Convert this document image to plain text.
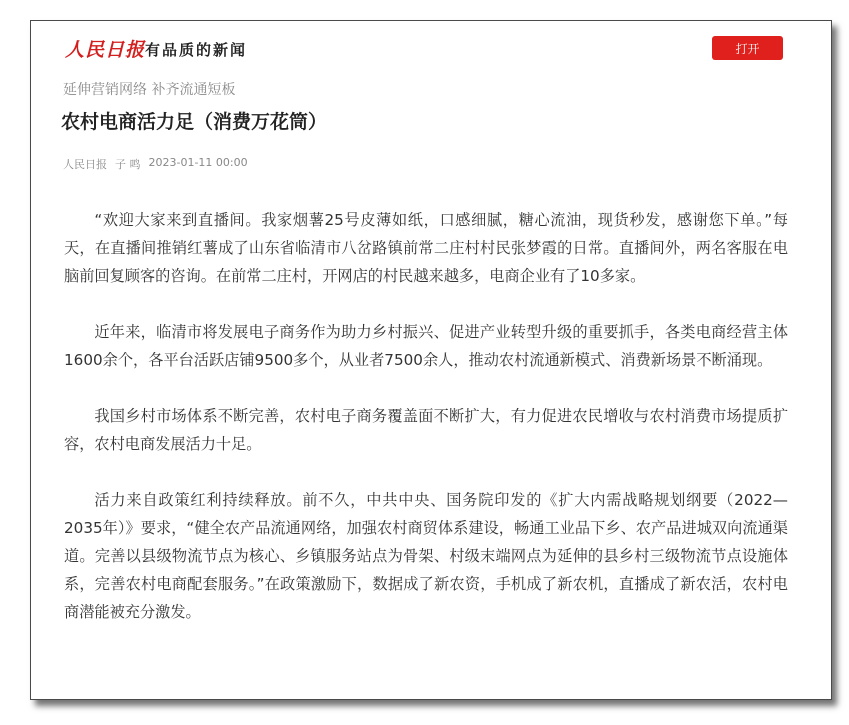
人民日报 有品质的新闻	打开
延伸营销网络 补齐流通短板
农村电商活力足（消费万花筒）
人民日报 子 鸣 2023-01-11 00:00

“欢迎大家来到直播间。我家烟薯25号皮薄如纸，口感细腻，糖心流油，现货秒发，感谢您下单。”每天，在直播间推销红薯成了山东省临清市八岔路镇前常二庄村村民张梦霞的日常。直播间外，两名客服在电脑前回复顾客的咨询。在前常二庄村，开网店的村民越来越多，电商企业有了10多家。

近年来，临清市将发展电子商务作为助力乡村振兴、促进产业转型升级的重要抓手，各类电商经营主体1600余个，各平台活跃店铺9500多个，从业者7500余人，推动农村流通新模式、消费新场景不断涌现。

我国乡村市场体系不断完善，农村电子商务覆盖面不断扩大，有力促进农民增收与农村消费市场提质扩容，农村电商发展活力十足。

活力来自政策红利持续释放。前不久，中共中央、国务院印发的《扩大内需战略规划纲要（2022—2035年）》要求，“健全农产品流通网络，加强农村商贸体系建设，畅通工业品下乡、农产品进城双向流通渠道。完善以县级物流节点为核心、乡镇服务站点为骨架、村级末端网点为延伸的县乡村三级物流节点设施体系，完善农村电商配套服务。”在政策激励下，数据成了新农资，手机成了新农机，直播成了新农活，农村电商潜能被充分激发。
